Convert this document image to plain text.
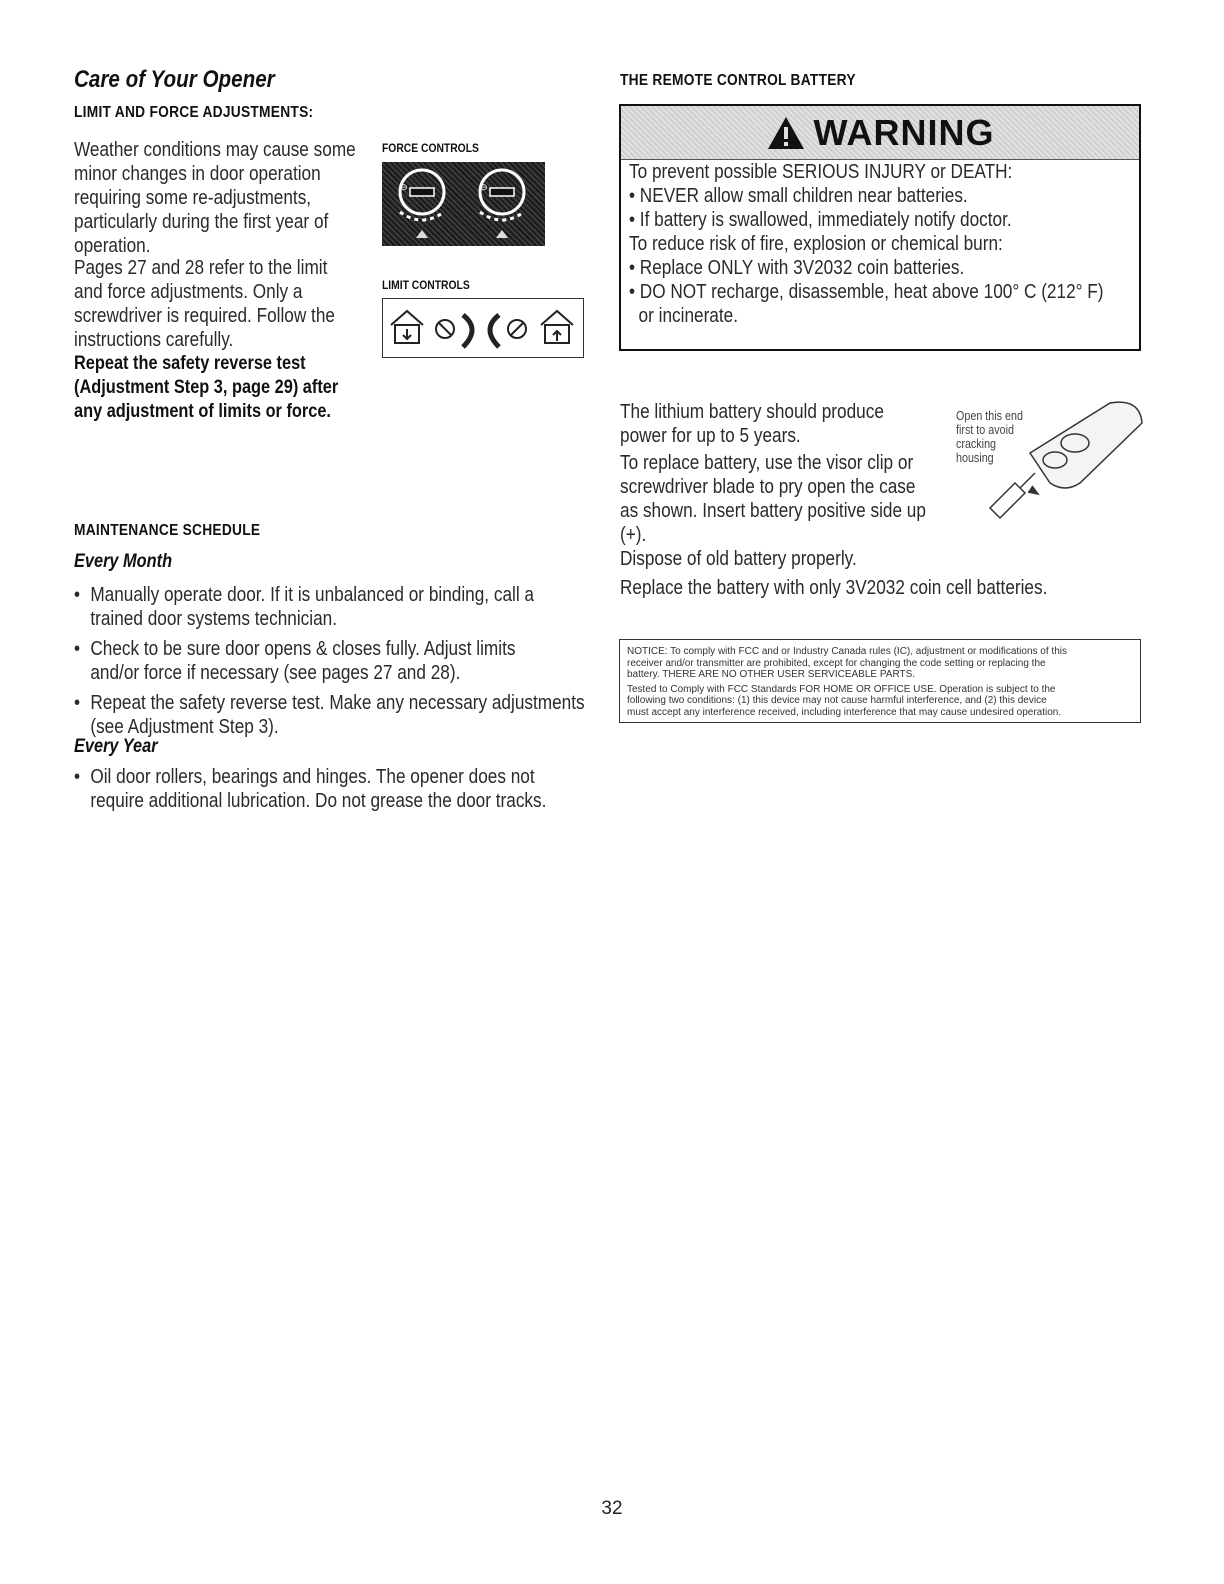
Care of Your Opener
LIMIT AND FORCE ADJUSTMENTS:
Weather conditions may cause some
minor changes in door operation
requiring some re-adjustments,
particularly during the first year of
operation.
Pages 27 and 28 refer to the limit
and force adjustments. Only a
screwdriver is required. Follow the
instructions carefully.
Repeat the safety reverse test
(Adjustment Step 3, page 29) after
any adjustment of limits or force.
FORCE CONTROLS
⊖	⊖
LIMIT CONTROLS
MAINTENANCE SCHEDULE
Every Month
• Manually operate door. If it is unbalanced or binding, call a
trained door systems technician.
• Check to be sure door opens & closes fully. Adjust limits
and/or force if necessary (see pages 27 and 28).
• Repeat the safety reverse test. Make any necessary adjustments
(see Adjustment Step 3).
Every Year
• Oil door rollers, bearings and hinges. The opener does not
require additional lubrication. Do not grease the door tracks.
THE REMOTE CONTROL BATTERY
WARNING
To prevent possible SERIOUS INJURY or DEATH:
• NEVER allow small children near batteries.
• If battery is swallowed, immediately notify doctor.
To reduce risk of fire, explosion or chemical burn:
• Replace ONLY with 3V2032 coin batteries.
• DO NOT recharge, disassemble, heat above 100° C (212° F)
or incinerate.
The lithium battery should produce
power for up to 5 years.
To replace battery, use the visor clip or
screwdriver blade to pry open the case
as shown. Insert battery positive side up
(+).
Dispose of old battery properly.
Replace the battery with only 3V2032 coin cell batteries.
Open this end
first to avoid
cracking
housing
NOTICE: To comply with FCC and or Industry Canada rules (IC), adjustment or modifications of this
receiver and/or transmitter are prohibited, except for changing the code setting or replacing the
battery. THERE ARE NO OTHER USER SERVICEABLE PARTS.
Tested to Comply with FCC Standards FOR HOME OR OFFICE USE. Operation is subject to the
following two conditions: (1) this device may not cause harmful interference, and (2) this device
must accept any interference received, including interference that may cause undesired operation.
32
